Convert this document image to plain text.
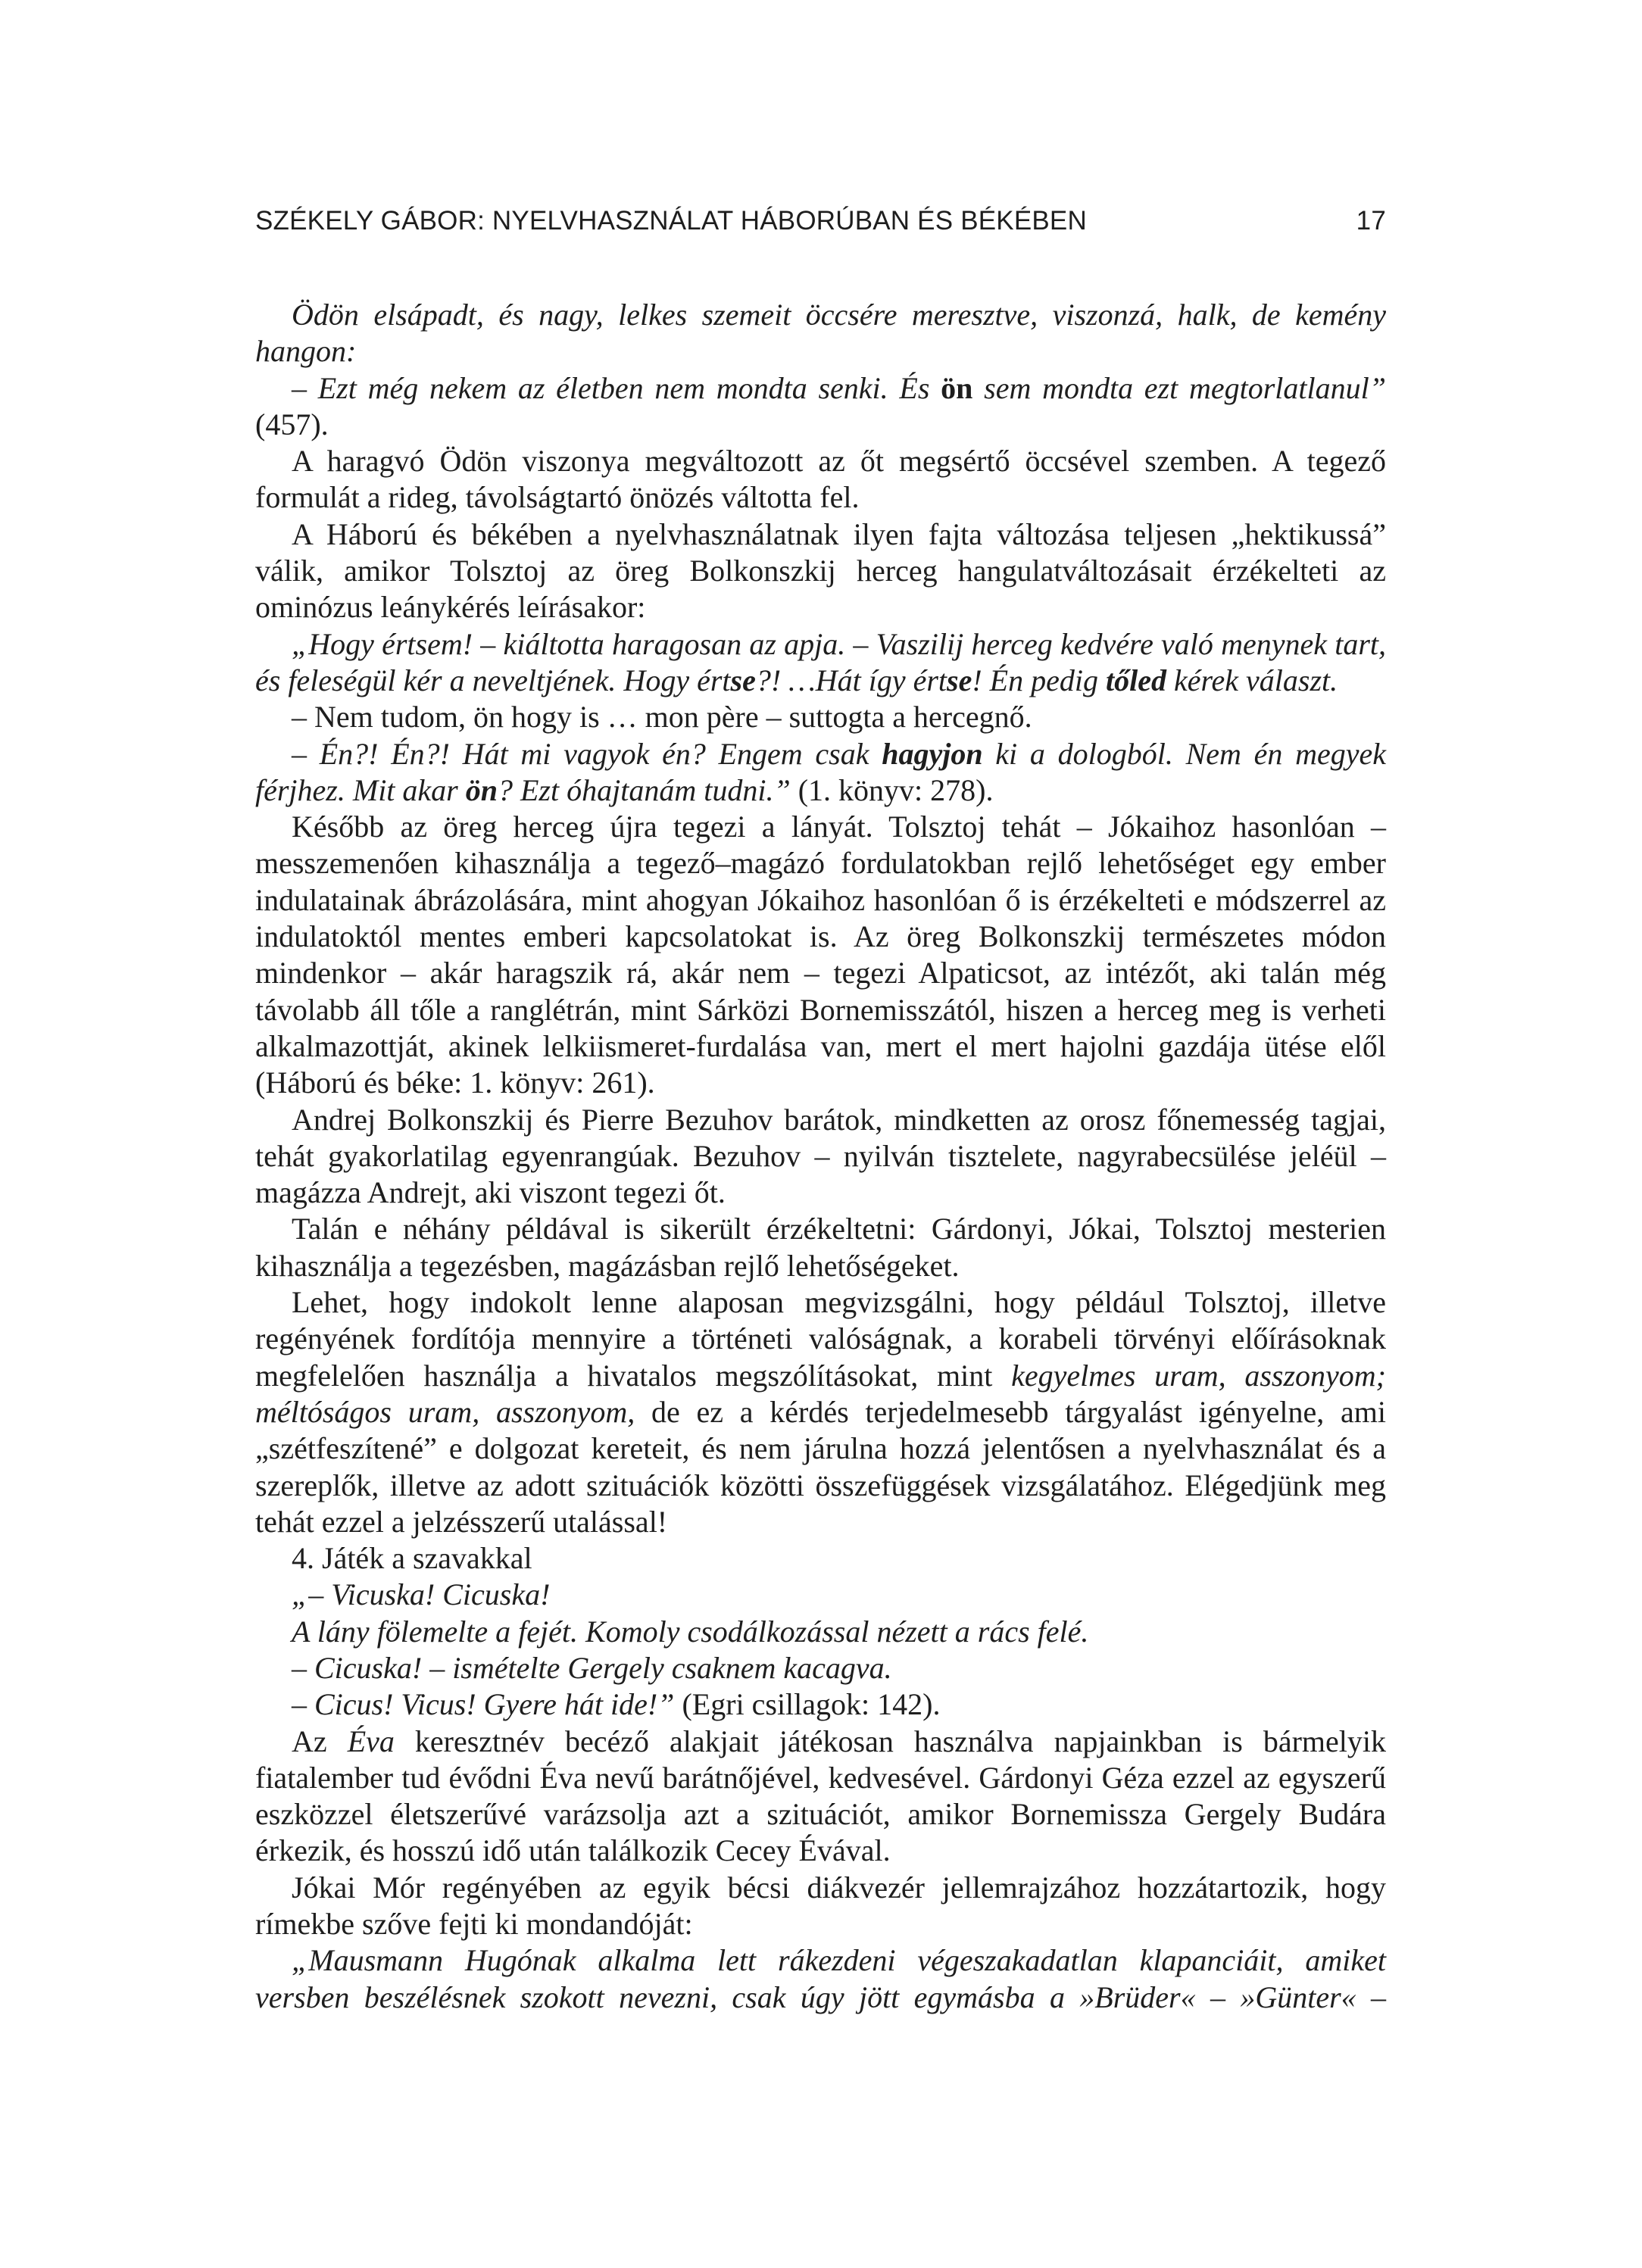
SZÉKELY GÁBOR: NYELVHASZNÁLAT HÁBORÚBAN ÉS BÉKÉBEN	17

Ödön elsápadt, és nagy, lelkes szemeit öccsére meresztve, viszonzá, halk, de kemény hangon:

– Ezt még nekem az életben nem mondta senki. És ön sem mondta ezt megtorlatlanul” (457).

A haragvó Ödön viszonya megváltozott az őt megsértő öccsével szemben. A tegező formulát a rideg, távolságtartó önözés váltotta fel.

A Háború és békében a nyelvhasználatnak ilyen fajta változása teljesen „hektikussá” válik, amikor Tolsztoj az öreg Bolkonszkij herceg hangulatváltozásait érzékelteti az ominózus leánykérés leírásakor:

„Hogy értsem! – kiáltotta haragosan az apja. – Vaszilij herceg kedvére való menynek tart, és feleségül kér a neveltjének. Hogy értse?! …Hát így értse! Én pedig tőled kérek választ.

– Nem tudom, ön hogy is … mon père – suttogta a hercegnő.

– Én?! Én?! Hát mi vagyok én? Engem csak hagyjon ki a dologból. Nem én megyek férjhez. Mit akar ön? Ezt óhajtanám tudni.” (1. könyv: 278).

Később az öreg herceg újra tegezi a lányát. Tolsztoj tehát – Jókaihoz hasonlóan – messzemenően kihasználja a tegező–magázó fordulatokban rejlő lehetőséget egy ember indulatainak ábrázolására, mint ahogyan Jókaihoz hasonlóan ő is érzékelteti e módszerrel az indulatoktól mentes emberi kapcsolatokat is. Az öreg Bolkonszkij természetes módon mindenkor – akár haragszik rá, akár nem – tegezi Alpaticsot, az intézőt, aki talán még távolabb áll tőle a ranglétrán, mint Sárközi Bornemisszától, hiszen a herceg meg is verheti alkalmazottját, akinek lelkiismeret-furdalása van, mert el mert hajolni gazdája ütése elől (Háború és béke: 1. könyv: 261).

Andrej Bolkonszkij és Pierre Bezuhov barátok, mindketten az orosz főnemesség tagjai, tehát gyakorlatilag egyenrangúak. Bezuhov – nyilván tisztelete, nagyrabecsülése jeléül – magázza Andrejt, aki viszont tegezi őt.

Talán e néhány példával is sikerült érzékeltetni: Gárdonyi, Jókai, Tolsztoj mesterien kihasználja a tegezésben, magázásban rejlő lehetőségeket.

Lehet, hogy indokolt lenne alaposan megvizsgálni, hogy például Tolsztoj, illetve regényének fordítója mennyire a történeti valóságnak, a korabeli törvényi előírásoknak megfelelően használja a hivatalos megszólításokat, mint kegyelmes uram, asszonyom; méltóságos uram, asszonyom, de ez a kérdés terjedelmesebb tárgyalást igényelne, ami „szétfeszítené” e dolgozat kereteit, és nem járulna hozzá jelentősen a nyelvhasználat és a szereplők, illetve az adott szituációk közötti összefüggések vizsgálatához. Elégedjünk meg tehát ezzel a jelzésszerű utalással!

4. Játék a szavakkal

„– Vicuska! Cicuska!

A lány fölemelte a fejét. Komoly csodálkozással nézett a rács felé.

– Cicuska! – ismételte Gergely csaknem kacagva.

– Cicus! Vicus! Gyere hát ide!” (Egri csillagok: 142).

Az Éva keresztnév becéző alakjait játékosan használva napjainkban is bármelyik fiatalember tud évődni Éva nevű barátnőjével, kedvesével. Gárdonyi Géza ezzel az egyszerű eszközzel életszerűvé varázsolja azt a szituációt, amikor Bornemissza Gergely Budára érkezik, és hosszú idő után találkozik Cecey Évával.

Jókai Mór regényében az egyik bécsi diákvezér jellemrajzához hozzátartozik, hogy rímekbe szőve fejti ki mondandóját:

„Mausmann Hugónak alkalma lett rákezdeni végeszakadatlan klapanciáit, amiket versben beszélésnek szokott nevezni, csak úgy jött egymásba a »Brüder« – »Günter« –
